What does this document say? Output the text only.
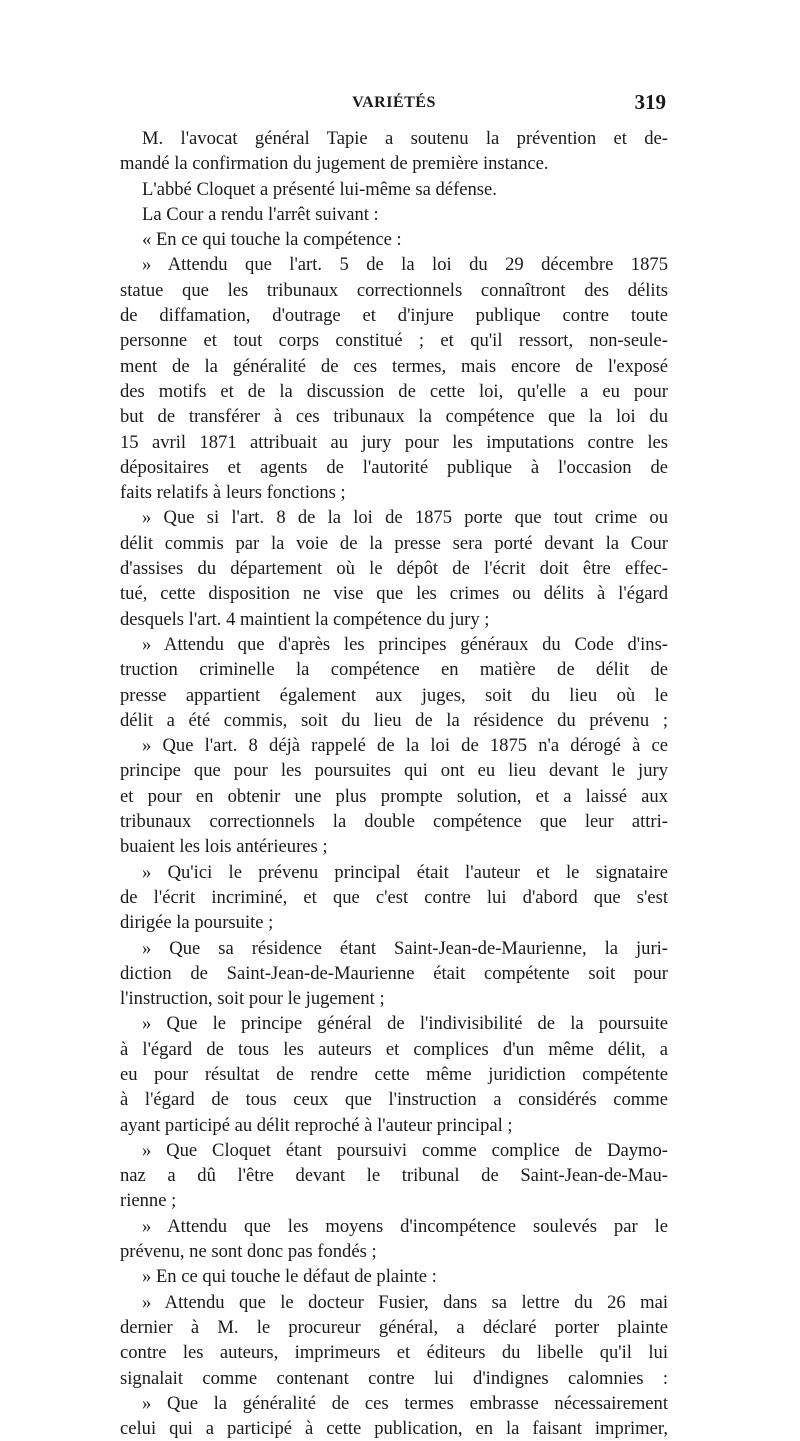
VARIÉTÉS	319
M. l'avocat général Tapie a soutenu la prévention et de-
mandé la confirmation du jugement de première instance.
L'abbé Cloquet a présenté lui-même sa défense.
La Cour a rendu l'arrêt suivant :
« En ce qui touche la compétence :
» Attendu que l'art. 5 de la loi du 29 décembre 1875
statue que les tribunaux correctionnels connaîtront des délits
de diffamation, d'outrage et d'injure publique contre toute
personne et tout corps constitué ; et qu'il ressort, non-seule-
ment de la généralité de ces termes, mais encore de l'exposé
des motifs et de la discussion de cette loi, qu'elle a eu pour
but de transférer à ces tribunaux la compétence que la loi du
15 avril 1871 attribuait au jury pour les imputations contre les
dépositaires et agents de l'autorité publique à l'occasion de
faits relatifs à leurs fonctions ;
» Que si l'art. 8 de la loi de 1875 porte que tout crime ou
délit commis par la voie de la presse sera porté devant la Cour
d'assises du département où le dépôt de l'écrit doit être effec-
tué, cette disposition ne vise que les crimes ou délits à l'égard
desquels l'art. 4 maintient la compétence du jury ;
» Attendu que d'après les principes généraux du Code d'ins-
truction criminelle la compétence en matière de délit de
presse appartient également aux juges, soit du lieu où le
délit a été commis, soit du lieu de la résidence du prévenu ;
» Que l'art. 8 déjà rappelé de la loi de 1875 n'a dérogé à ce
principe que pour les poursuites qui ont eu lieu devant le jury
et pour en obtenir une plus prompte solution, et a laissé aux
tribunaux correctionnels la double compétence que leur attri-
buaient les lois antérieures ;
» Qu'ici le prévenu principal était l'auteur et le signataire
de l'écrit incriminé, et que c'est contre lui d'abord que s'est
dirigée la poursuite ;
» Que sa résidence étant Saint-Jean-de-Maurienne, la juri-
diction de Saint-Jean-de-Maurienne était compétente soit pour
l'instruction, soit pour le jugement ;
» Que le principe général de l'indivisibilité de la poursuite
à l'égard de tous les auteurs et complices d'un même délit, a
eu pour résultat de rendre cette même juridiction compétente
à l'égard de tous ceux que l'instruction a considérés comme
ayant participé au délit reproché à l'auteur principal ;
» Que Cloquet étant poursuivi comme complice de Daymo-
naz a dû l'être devant le tribunal de Saint-Jean-de-Mau-
rienne ;
» Attendu que les moyens d'incompétence soulevés par le
prévenu, ne sont donc pas fondés ;
» En ce qui touche le défaut de plainte :
» Attendu que le docteur Fusier, dans sa lettre du 26 mai
dernier à M. le procureur général, a déclaré porter plainte
contre les auteurs, imprimeurs et éditeurs du libelle qu'il lui
signalait comme contenant contre lui d'indignes calomnies :
» Que la généralité de ces termes embrasse nécessairement
celui qui a participé à cette publication, en la faisant imprimer,
